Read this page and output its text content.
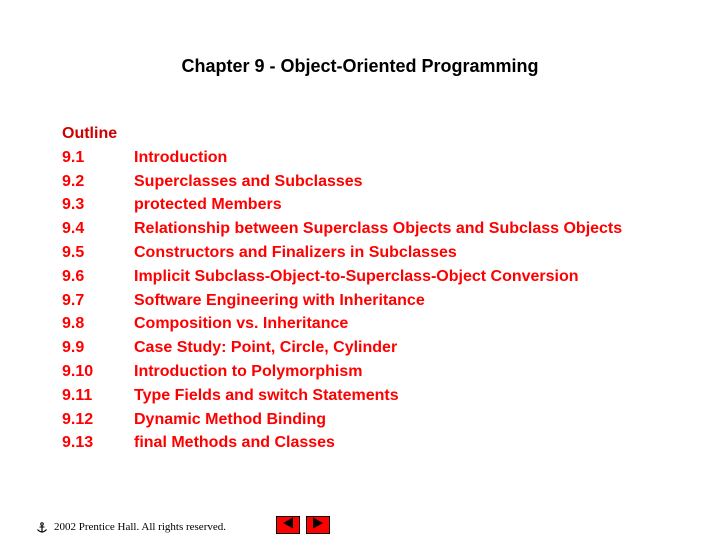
Chapter 9 - Object-Oriented Programming
Outline
9.1	Introduction
9.2	Superclasses and Subclasses
9.3	protected Members
9.4	Relationship between Superclass Objects and Subclass Objects
9.5	Constructors and Finalizers in Subclasses
9.6	Implicit Subclass-Object-to-Superclass-Object Conversion
9.7	Software Engineering with Inheritance
9.8	Composition vs. Inheritance
9.9	Case Study: Point, Circle, Cylinder
9.10	Introduction to Polymorphism
9.11	Type Fields and switch Statements
9.12	Dynamic Method Binding
9.13	final Methods and Classes
2002 Prentice Hall. All rights reserved.
